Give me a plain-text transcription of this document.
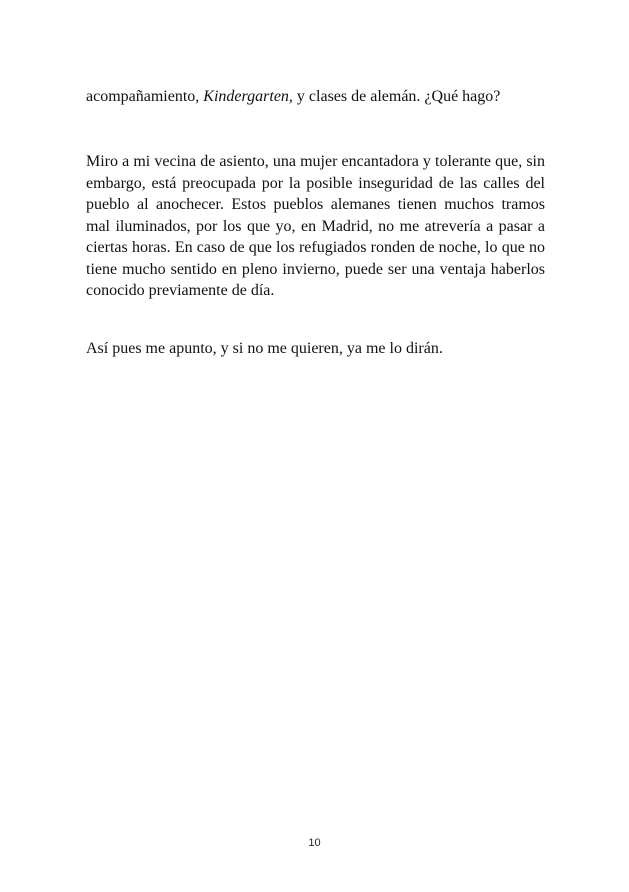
acompañamiento, Kindergarten, y clases de alemán. ¿Qué hago?

Miro a mi vecina de asiento, una mujer encantadora y tolerante que, sin embargo, está preocupada por la posible inseguridad de las calles del pueblo al anochecer. Estos pueblos alemanes tienen muchos tramos mal iluminados, por los que yo, en Madrid, no me atrevería a pasar a ciertas horas. En caso de que los refugiados ronden de noche, lo que no tiene mucho sentido en pleno invierno, puede ser una ventaja haberlos conocido previamente de día.

Así pues me apunto, y si no me quieren, ya me lo dirán.

10
